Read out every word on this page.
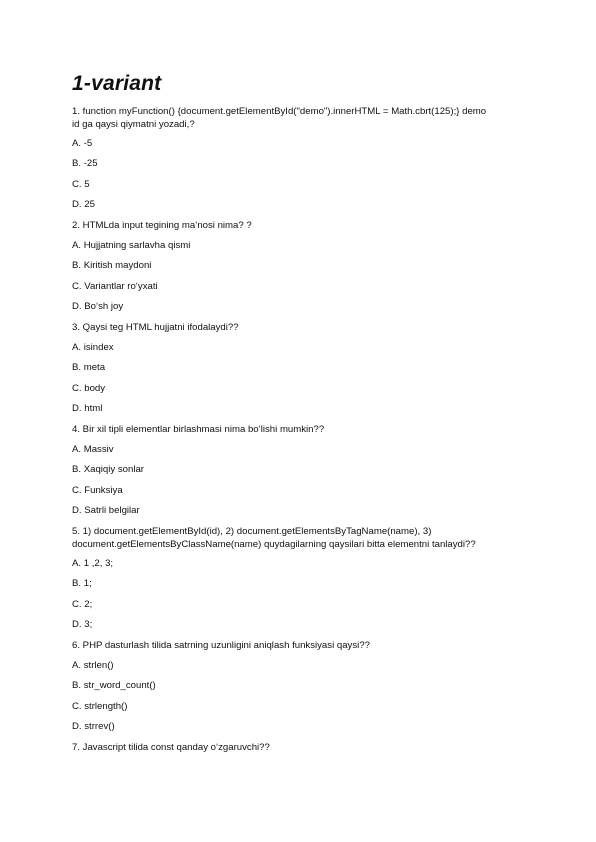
1-variant
1. function myFunction() {document.getElementById("demo").innerHTML = Math.cbrt(125);} demo
id ga qaysi qiymatni yozadi,?
A. -5
B. -25
C. 5
D. 25
2. HTMLda input tegining ma’nosi nima? ?
A. Hujjatning sarlavha qismi
B. Kiritish maydoni
C. Variantlar ro‘yxati
D. Bo‘sh joy
3. Qaysi teg HTML hujjatni ifodalaydi??
A. isindex
B. meta
C. body
D. html
4. Bir xil tipli elementlar birlashmasi nima bo‘lishi mumkin??
A. Massiv
B. Xaqiqiy sonlar
C. Funksiya
D. Satrli belgilar
5. 1) document.getElementById(id), 2) document.getElementsByTagName(name), 3)
document.getElementsByClassName(name) quydagilarning qaysilari bitta elementni tanlaydi??
A. 1 ,2, 3;
B. 1;
C. 2;
D. 3;
6. PHP dasturlash tilida satrning uzunligini aniqlash funksiyasi qaysi??
A. strlen()
B. str_word_count()
C. strlength()
D. strrev()
7. Javascript tilida const qanday o‘zgaruvchi??
